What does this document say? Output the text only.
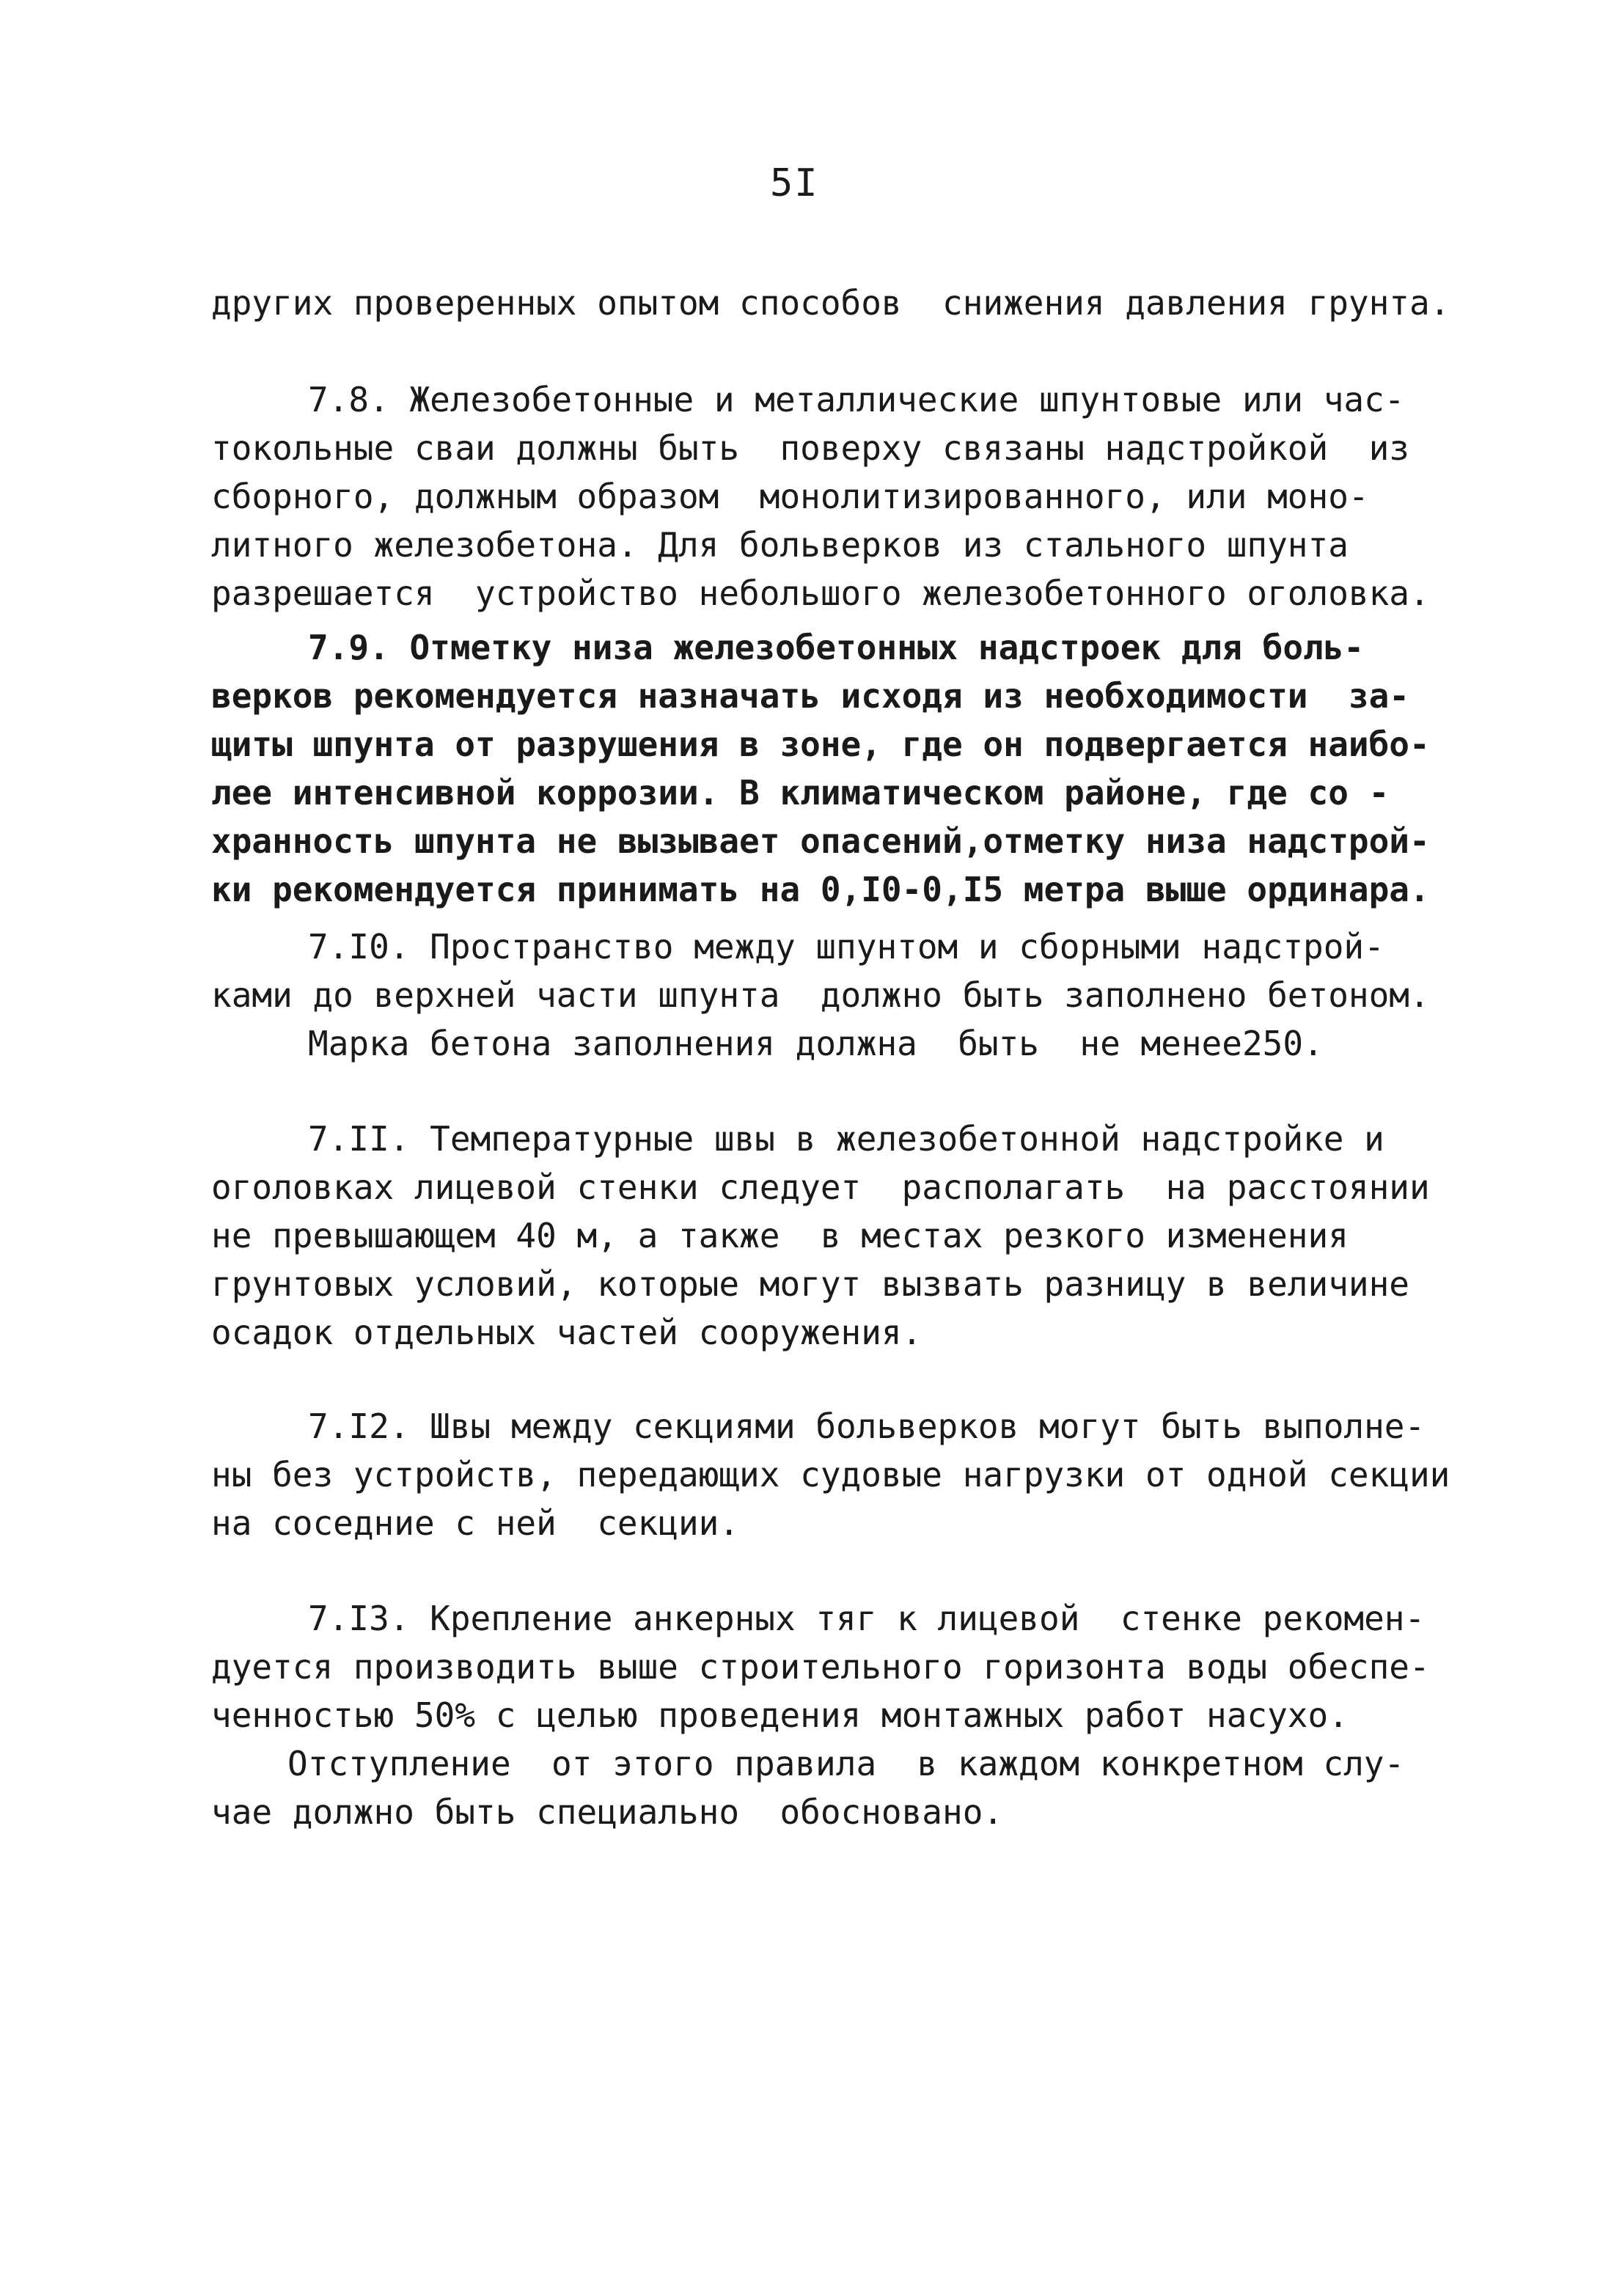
5I
других проверенных опытом способов  снижения давления грунта.
7.8. Железобетонные и металлические шпунтовые или час-
токольные сваи должны быть  поверху связаны надстройкой  из
сборного, должным образом  монолитизированного, или моно-
литного железобетона. Для больверков из стального шпунта
разрешается  устройство небольшого железобетонного оголовка.
7.9. Отметку низа железобетонных надстроек для боль-
верков рекомендуется назначать исходя из необходимости  за-
щиты шпунта от разрушения в зоне, где он подвергается наибо-
лее интенсивной коррозии. В климатическом районе, где со -
хранность шпунта не вызывает опасений,отметку низа надстрой-
ки рекомендуется принимать на 0,I0-0,I5 метра выше ординара.
7.I0. Пространство между шпунтом и сборными надстрой-
ками до верхней части шпунта  должно быть заполнено бетоном.
Марка бетона заполнения должна  быть  не менее250.
7.II. Температурные швы в железобетонной надстройке и
оголовках лицевой стенки следует  располагать  на расстоянии
не превышающем 40 м, а также  в местах резкого изменения
грунтовых условий, которые могут вызвать разницу в величине
осадок отдельных частей сооружения.
7.I2. Швы между секциями больверков могут быть выполне-
ны без устройств, передающих судовые нагрузки от одной секции
на соседние с ней  секции.
7.I3. Крепление анкерных тяг к лицевой  стенке рекомен-
дуется производить выше строительного горизонта воды обеспе-
ченностью 50% с целью проведения монтажных работ насухо.
Отступление  от этого правила  в каждом конкретном слу-
чае должно быть специально  обосновано.
